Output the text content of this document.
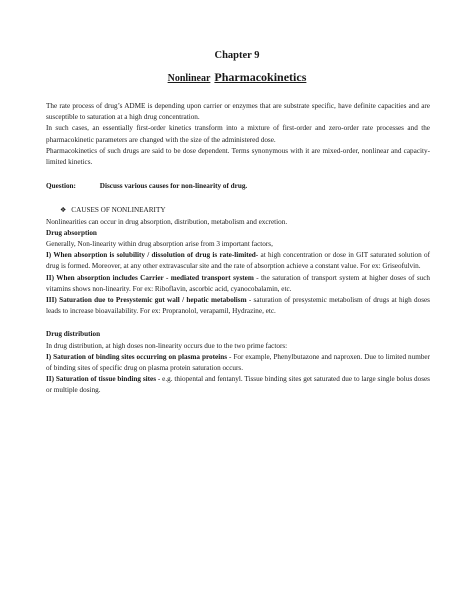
Chapter 9
Nonlinear Pharmacokinetics

The rate process of drug’s ADME is depending upon carrier or enzymes that are substrate specific, have definite capacities and are susceptible to saturation at a high drug concentration.

In such cases, an essentially first-order kinetics transform into a mixture of first-order and zero-order rate processes and the pharmacokinetic parameters are changed with the size of the administered dose.

Pharmacokinetics of such drugs are said to be dose dependent. Terms synonymous with it are mixed-order, nonlinear and capacity-limited kinetics.

Question:	Discuss various causes for non-linearity of drug.

❖ CAUSES OF NONLINEARITY

Nonlinearities can occur in drug absorption, distribution, metabolism and excretion.

Drug absorption

Generally, Non-linearity within drug absorption arise from 3 important factors,

I) When absorption is solubility / dissolution of drug is rate-limited- at high concentration or dose in GIT saturated solution of drug is formed. Moreover, at any other extravascular site and the rate of absorption achieve a constant value. For ex: Griseofulvin.

II) When absorption includes Carrier - mediated transport system - the saturation of transport system at higher doses of such vitamins shows non-linearity. For ex: Riboflavin, ascorbic acid, cyanocobalamin, etc.

III) Saturation due to Presystemic gut wall / hepatic metabolism - saturation of presystemic metabolism of drugs at high doses leads to increase bioavailability. For ex: Propranolol, verapamil, Hydrazine, etc.

Drug distribution

In drug distribution, at high doses non-linearity occurs due to the two prime factors:

I) Saturation of binding sites occurring on plasma proteins - For example, Phenylbutazone and naproxen. Due to limited number of binding sites of specific drug on plasma protein saturation occurs.

II) Saturation of tissue binding sites - e.g. thiopental and fentanyl. Tissue binding sites get saturated due to large single bolus doses or multiple dosing.
